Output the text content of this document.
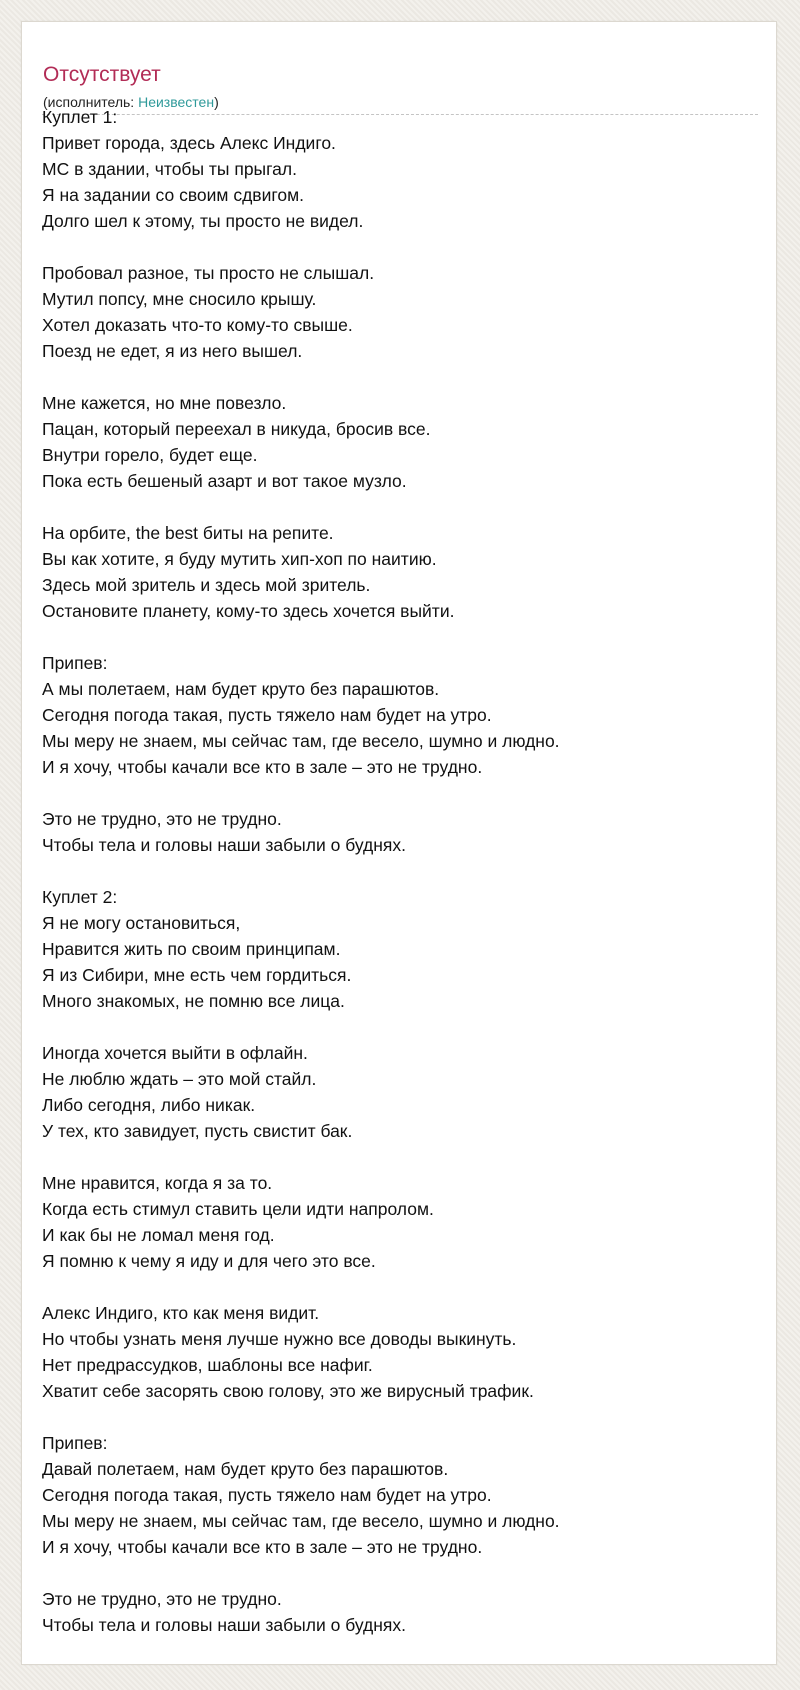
Отсутствует
(исполнитель: Неизвестен)
Куплет 1:
Привет города, здесь Алекс Индиго.
МС в здании, чтобы ты прыгал.
Я на задании со своим сдвигом.
Долго шел к этому, ты просто не видел.
Пробовал разное, ты просто не слышал.
Мутил попсу, мне сносило крышу.
Хотел доказать что-то кому-то свыше.
Поезд не едет, я из него вышел.
Мне кажется, но мне повезло.
Пацан, который переехал в никуда, бросив все.
Внутри горело, будет еще.
Пока есть бешеный азарт и вот такое музло.
На орбите, the best биты на репите.
Вы как хотите, я буду мутить хип-хоп по наитию.
Здесь мой зритель и здесь мой зритель.
Остановите планету, кому-то здесь хочется выйти.
Припев:
А мы полетаем, нам будет круто без парашютов.
Сегодня погода такая, пусть тяжело нам будет на утро.
Мы меру не знаем, мы сейчас там, где весело, шумно и людно.
И я хочу, чтобы качали все кто в зале – это не трудно.
Это не трудно, это не трудно.
Чтобы тела и головы наши забыли о буднях.
Куплет 2:
Я не могу остановиться,
Нравится жить по своим принципам.
Я из Сибири, мне есть чем гордиться.
Много знакомых, не помню все лица.
Иногда хочется выйти в офлайн.
Не люблю ждать – это мой стайл.
Либо сегодня, либо никак.
У тех, кто завидует, пусть свистит бак.
Мне нравится, когда я за то.
Когда есть стимул ставить цели идти напролом.
И как бы не ломал меня год.
Я помню к чему я иду и для чего это все.
Алекс Индиго, кто как меня видит.
Но чтобы узнать меня лучше нужно все доводы выкинуть.
Нет предрассудков, шаблоны все нафиг.
Хватит себе засорять свою голову, это же вирусный трафик.
Припев:
Давай полетаем, нам будет круто без парашютов.
Сегодня погода такая, пусть тяжело нам будет на утро.
Мы меру не знаем, мы сейчас там, где весело, шумно и людно.
И я хочу, чтобы качали все кто в зале – это не трудно.
Это не трудно, это не трудно.
Чтобы тела и головы наши забыли о буднях.
